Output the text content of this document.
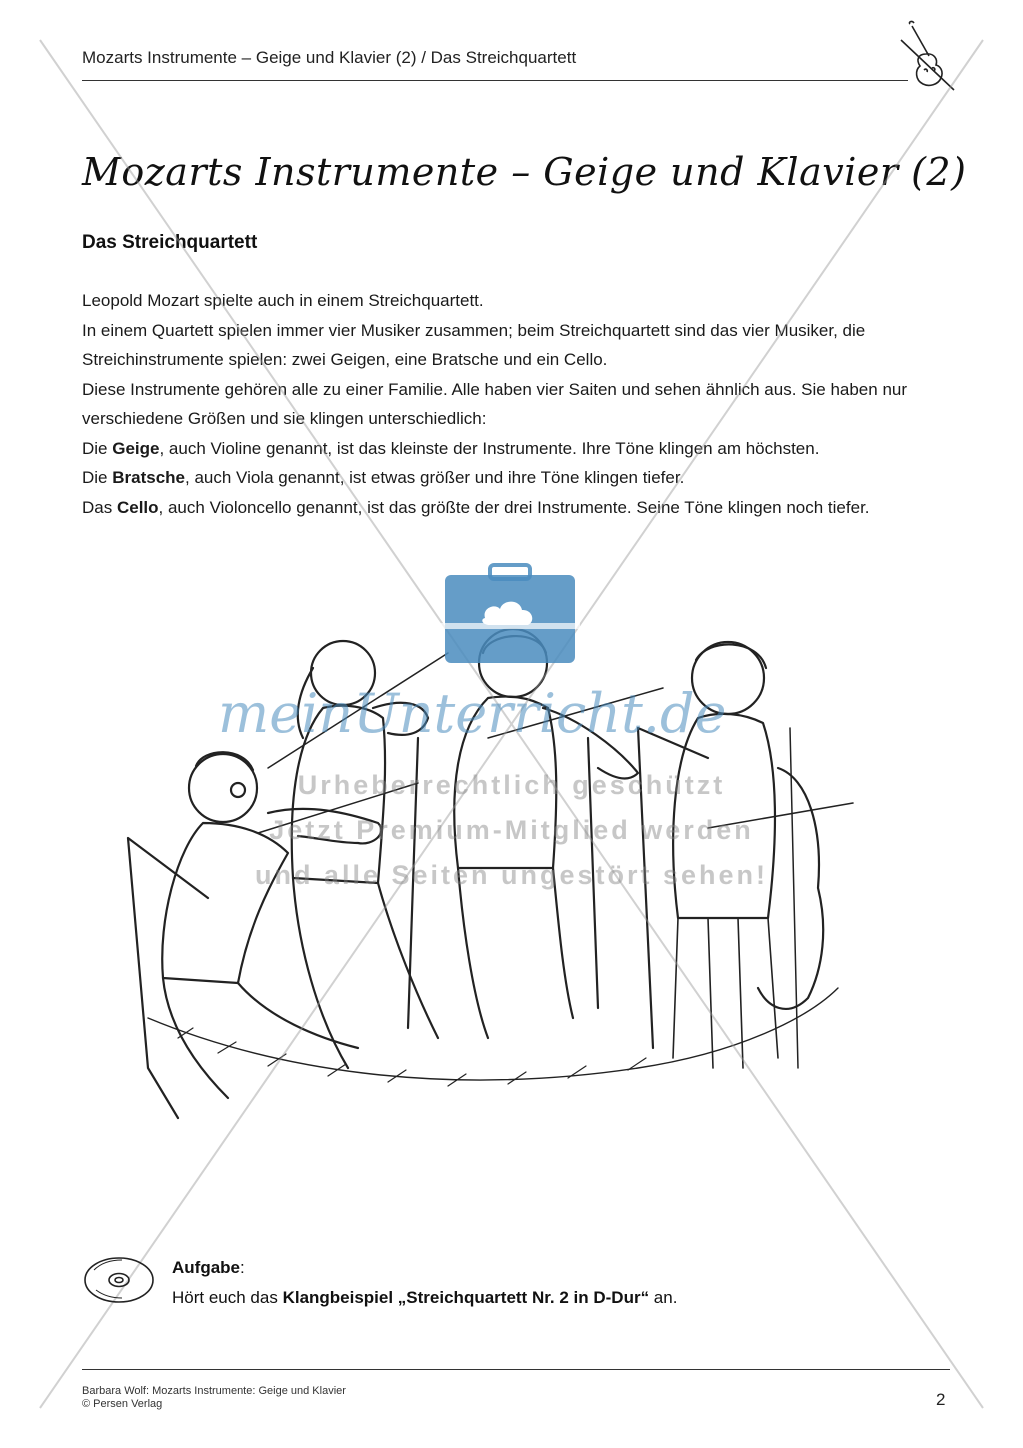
Mozarts Instrumente – Geige und Klavier (2) / Das Streichquartett
Mozarts Instrumente – Geige und Klavier (2)
Das Streichquartett

Leopold Mozart spielte auch in einem Streichquartett.

In einem Quartett spielen immer vier Musiker zusammen; beim Streichquartett sind das vier Musiker, die Streichinstrumente spielen: zwei Geigen, eine Bratsche und ein Cello.

Diese Instrumente gehören alle zu einer Familie. Alle haben vier Saiten und sehen ähnlich aus. Sie haben nur verschiedene Größen und sie klingen unterschiedlich:

Die Geige, auch Violine genannt, ist das kleinste der Instrumente. Ihre Töne klingen am höchsten.

Die Bratsche, auch Viola genannt, ist etwas größer und ihre Töne klingen tiefer.

Das Cello, auch Violoncello genannt, ist das größte der drei Instrumente. Seine Töne klingen noch tiefer.

meinUnterricht.de
Urheberrechtlich geschützt
Jetzt Premium-Mitglied werden
und alle Seiten ungestört sehen!

Aufgabe:

Hört euch das Klangbeispiel „Streichquartett Nr. 2 in D-Dur“ an.

Barbara Wolf: Mozarts Instrumente: Geige und Klavier
© Persen Verlag	2
